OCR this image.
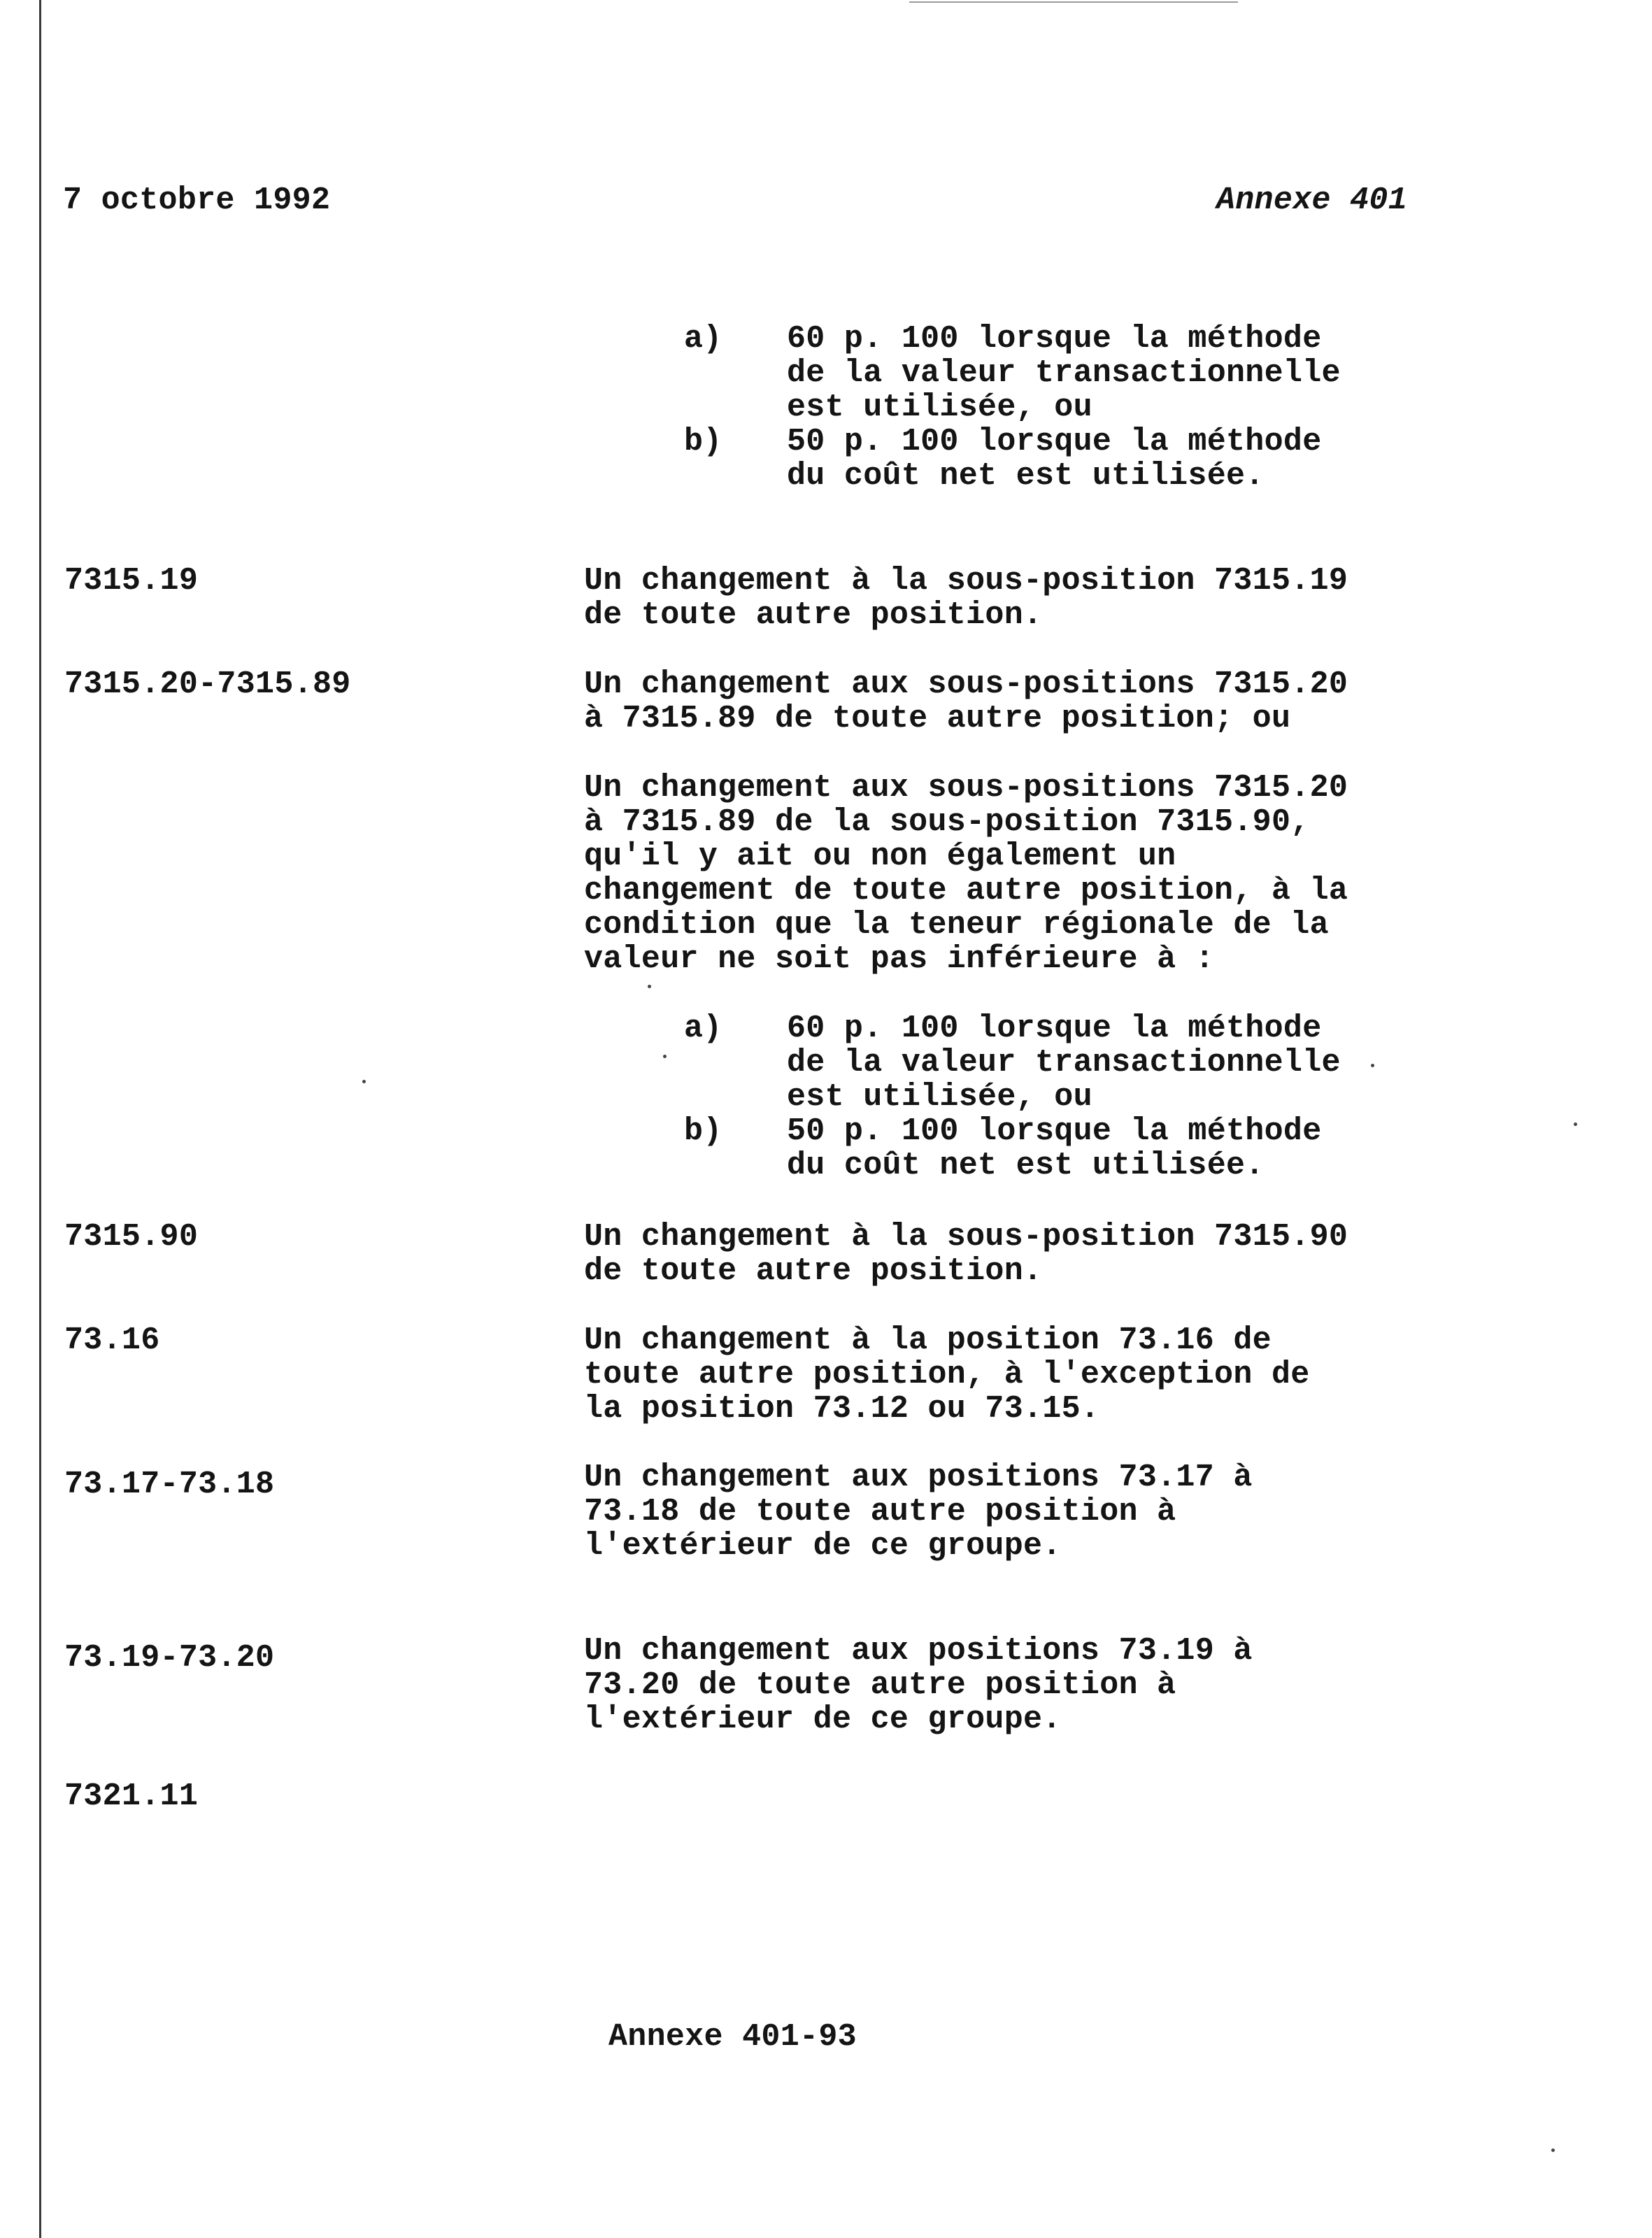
7 octobre 1992	Annexe 401
a) 60 p. 100 lorsque la méthode
de la valeur transactionnelle
est utilisée, ou
b) 50 p. 100 lorsque la méthode
du coût net est utilisée.
7315.19	Un changement à la sous-position 7315.19
de toute autre position.
7315.20-7315.89	Un changement aux sous-positions 7315.20
à 7315.89 de toute autre position; ou
Un changement aux sous-positions 7315.20
à 7315.89 de la sous-position 7315.90,
qu'il y ait ou non également un
changement de toute autre position, à la
condition que la teneur régionale de la
valeur ne soit pas inférieure à :
a) 60 p. 100 lorsque la méthode
de la valeur transactionnelle
est utilisée, ou
b) 50 p. 100 lorsque la méthode
du coût net est utilisée.
7315.90	Un changement à la sous-position 7315.90
de toute autre position.
73.16	Un changement à la position 73.16 de
toute autre position, à l'exception de
la position 73.12 ou 73.15.
73.17-73.18	Un changement aux positions 73.17 à
73.18 de toute autre position à
l'extérieur de ce groupe.
73.19-73.20	Un changement aux positions 73.19 à
73.20 de toute autre position à
l'extérieur de ce groupe.
7321.11
Annexe 401-93
